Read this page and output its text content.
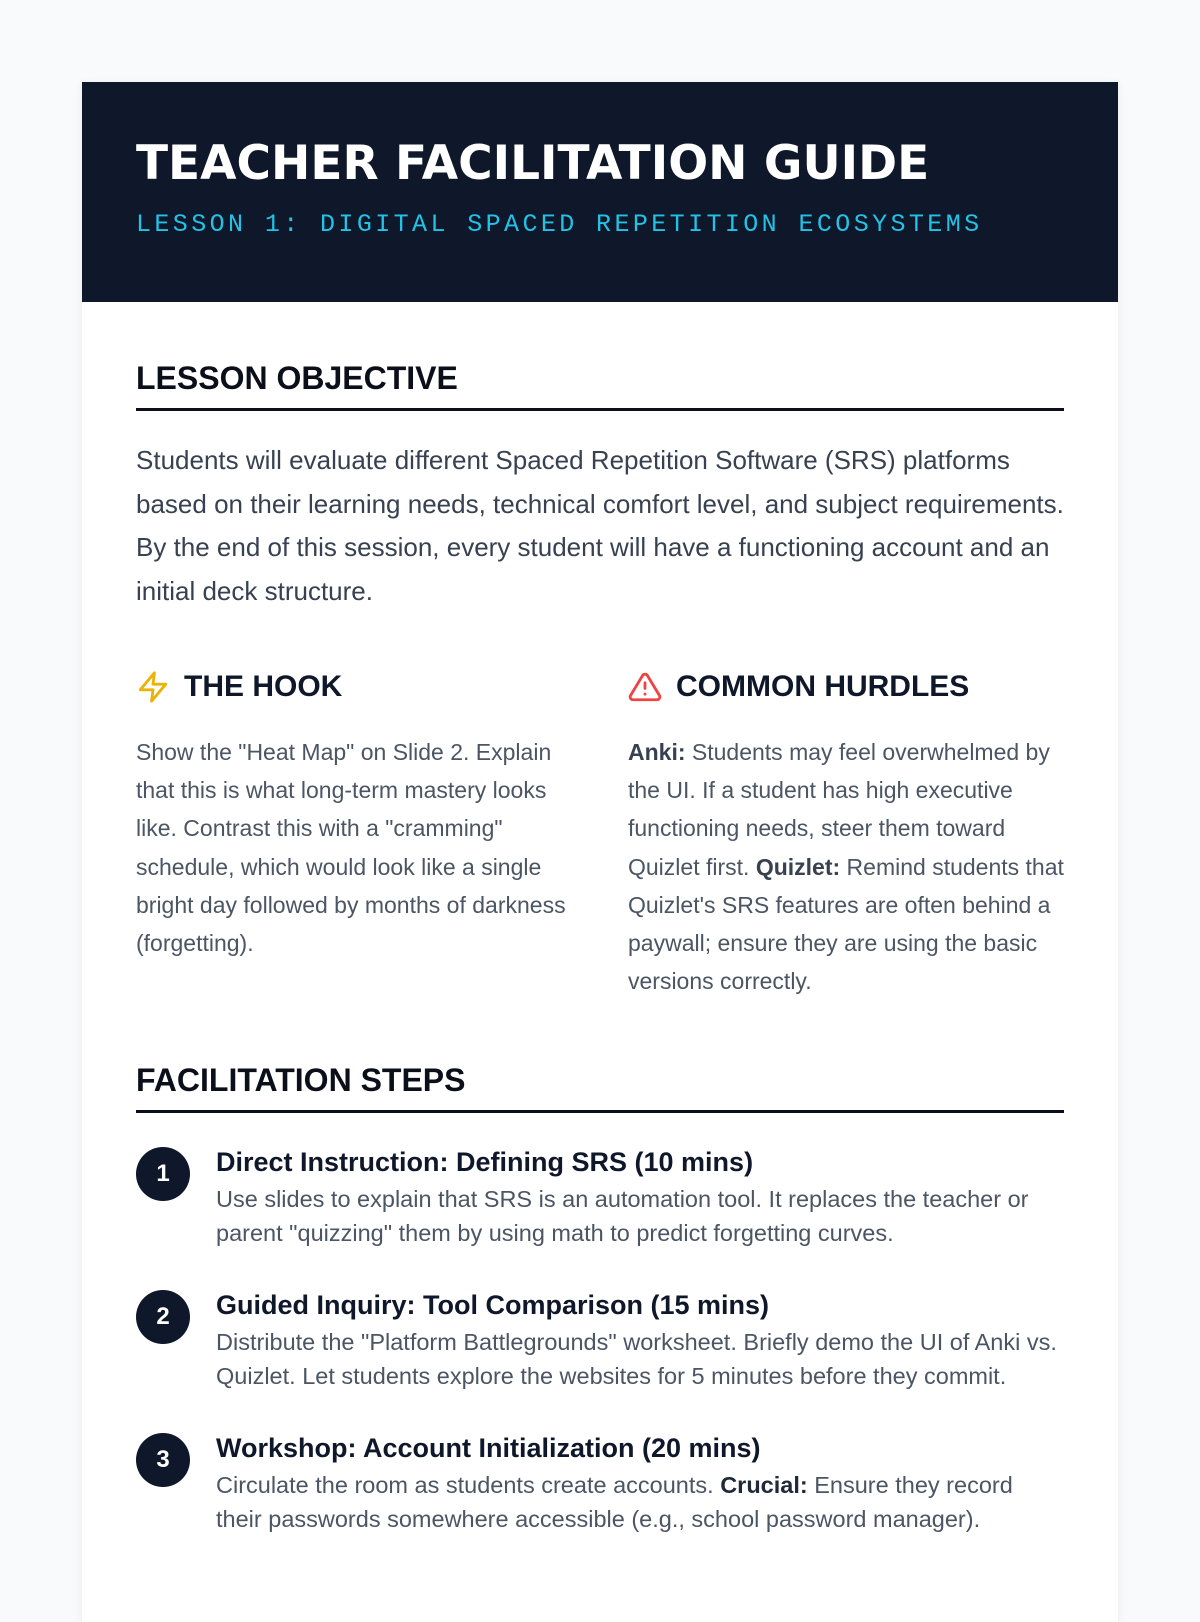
TEACHER FACILITATION GUIDE
LESSON 1: DIGITAL SPACED REPETITION ECOSYSTEMS
LESSON OBJECTIVE

Students will evaluate different Spaced Repetition Software (SRS) platforms based on their learning needs, technical comfort level, and subject requirements. By the end of this session, every student will have a functioning account and an initial deck structure.

THE HOOK

Show the "Heat Map" on Slide 2. Explain that this is what long-term mastery looks like. Contrast this with a "cramming" schedule, which would look like a single bright day followed by months of darkness (forgetting).

COMMON HURDLES

Anki: Students may feel overwhelmed by the UI. If a student has high executive functioning needs, steer them toward Quizlet first. Quizlet: Remind students that Quizlet's SRS features are often behind a paywall; ensure they are using the basic versions correctly.

FACILITATION STEPS
1	Direct Instruction: Defining SRS (10 mins)
Use slides to explain that SRS is an automation tool. It replaces the teacher or parent "quizzing" them by using math to predict forgetting curves.
2	Guided Inquiry: Tool Comparison (15 mins)
Distribute the "Platform Battlegrounds" worksheet. Briefly demo the UI of Anki vs. Quizlet. Let students explore the websites for 5 minutes before they commit.
3	Workshop: Account Initialization (20 mins)
Circulate the room as students create accounts. Crucial: Ensure they record their passwords somewhere accessible (e.g., school password manager).
